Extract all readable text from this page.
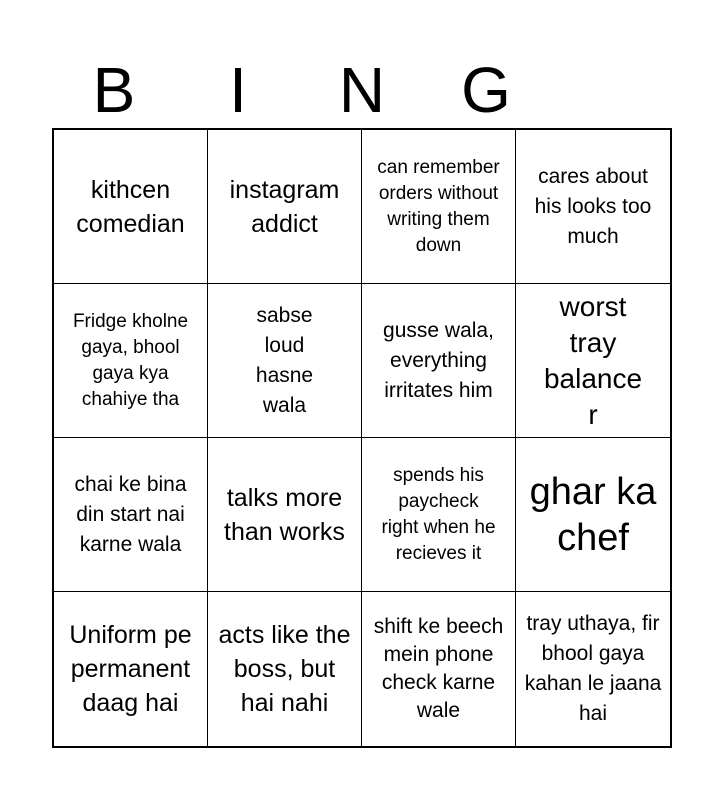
B	I	N	G
kithcen comedian
instagram addict
can remember orders without writing them down
cares about his looks too much
Fridge kholne gaya, bhool gaya kya chahiye tha
sabse loud hasne wala
gusse wala, everything irritates him
worst tray balancer
chai ke bina din start nai karne wala
talks more than works
spends his paycheck right when he recieves it
ghar ka chef
Uniform pe permanent daag hai
acts like the boss, but hai nahi
shift ke beech mein phone check karne wale
tray uthaya, fir bhool gaya kahan le jaana hai
